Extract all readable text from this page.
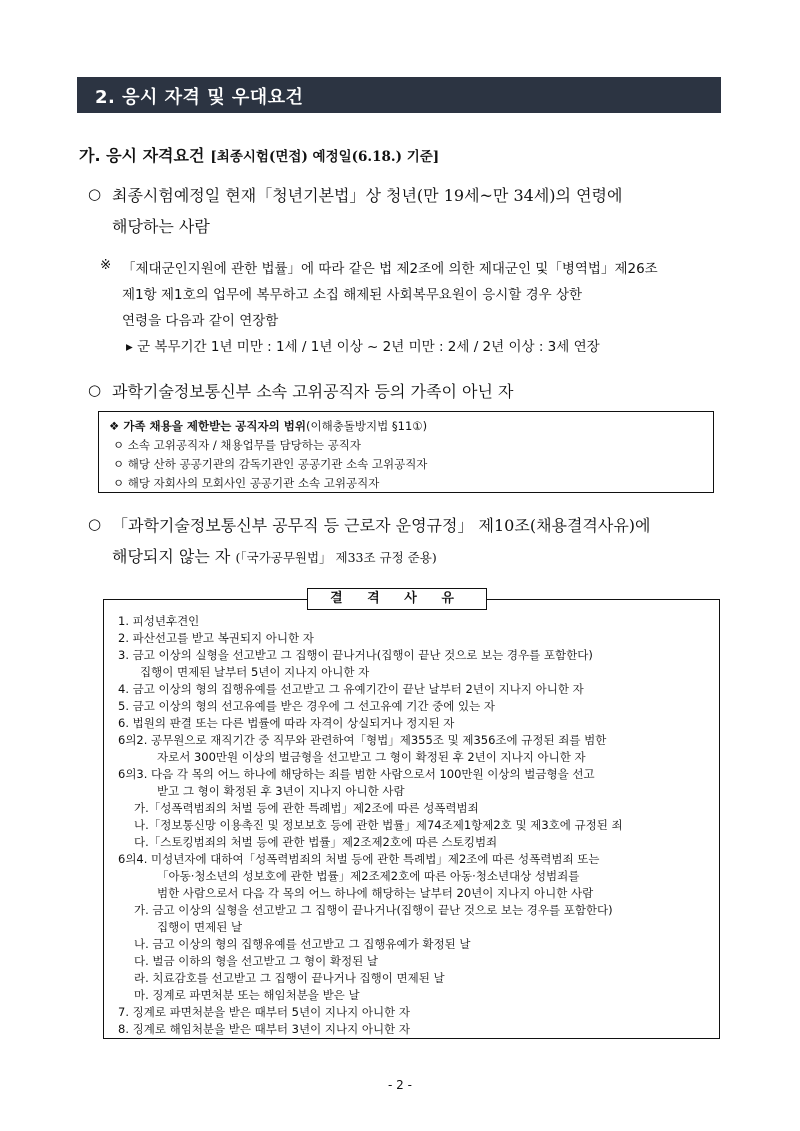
2. 응시 자격 및 우대요건
가. 응시 자격요건 [최종시험(면접) 예정일(6.18.) 기준]
○ 최종시험예정일 현재「청년기본법」상 청년(만 19세~만 34세)의 연령에
해당하는 사람
※ 「제대군인지원에 관한 법률」에 따라 같은 법 제2조에 의한 제대군인 및「병역법」제26조
제1항 제1호의 업무에 복무하고 소집 해제된 사회복무요원이 응시할 경우 상한
연령을 다음과 같이 연장함
▸ 군 복무기간 1년 미만 : 1세 / 1년 이상 ~ 2년 미만 : 2세 / 2년 이상 : 3세 연장
○ 과학기술정보통신부 소속 고위공직자 등의 가족이 아닌 자
❖ 가족 채용을 제한받는 공직자의 범위(이해충돌방지법 §11①)
ㅇ 소속 고위공직자 / 채용업무를 담당하는 공직자
ㅇ 해당 산하 공공기관의 감독기관인 공공기관 소속 고위공직자
ㅇ 해당 자회사의 모회사인 공공기관 소속 고위공직자
○ 「과학기술정보통신부 공무직 등 근로자 운영규정」 제10조(채용결격사유)에
해당되지 않는 자 (「국가공무원법」 제33조 규정 준용)
결 격 사 유
1. 피성년후견인
2. 파산선고를 받고 복권되지 아니한 자
3. 금고 이상의 실형을 선고받고 그 집행이 끝나거나(집행이 끝난 것으로 보는 경우를 포함한다)
집행이 면제된 날부터 5년이 지나지 아니한 자
4. 금고 이상의 형의 집행유예를 선고받고 그 유예기간이 끝난 날부터 2년이 지나지 아니한 자
5. 금고 이상의 형의 선고유예를 받은 경우에 그 선고유예 기간 중에 있는 자
6. 법원의 판결 또는 다른 법률에 따라 자격이 상실되거나 정지된 자
6의2. 공무원으로 재직기간 중 직무와 관련하여「형법」제355조 및 제356조에 규정된 죄를 범한
자로서 300만원 이상의 벌금형을 선고받고 그 형이 확정된 후 2년이 지나지 아니한 자
6의3. 다음 각 목의 어느 하나에 해당하는 죄를 범한 사람으로서 100만원 이상의 벌금형을 선고
받고 그 형이 확정된 후 3년이 지나지 아니한 사람
가.「성폭력범죄의 처벌 등에 관한 특례법」제2조에 따른 성폭력범죄
나.「정보통신망 이용촉진 및 정보보호 등에 관한 법률」제74조제1항제2호 및 제3호에 규정된 죄
다.「스토킹범죄의 처벌 등에 관한 법률」제2조제2호에 따른 스토킹범죄
6의4. 미성년자에 대하여「성폭력범죄의 처벌 등에 관한 특례법」제2조에 따른 성폭력범죄 또는
「아동·청소년의 성보호에 관한 법률」제2조제2호에 따른 아동·청소년대상 성범죄를
범한 사람으로서 다음 각 목의 어느 하나에 해당하는 날부터 20년이 지나지 아니한 사람
가. 금고 이상의 실형을 선고받고 그 집행이 끝나거나(집행이 끝난 것으로 보는 경우를 포함한다)
집행이 면제된 날
나. 금고 이상의 형의 집행유예를 선고받고 그 집행유예가 확정된 날
다. 벌금 이하의 형을 선고받고 그 형이 확정된 날
라. 치료감호를 선고받고 그 집행이 끝나거나 집행이 면제된 날
마. 징계로 파면처분 또는 해임처분을 받은 날
7. 징계로 파면처분을 받은 때부터 5년이 지나지 아니한 자
8. 징계로 해임처분을 받은 때부터 3년이 지나지 아니한 자
- 2 -
